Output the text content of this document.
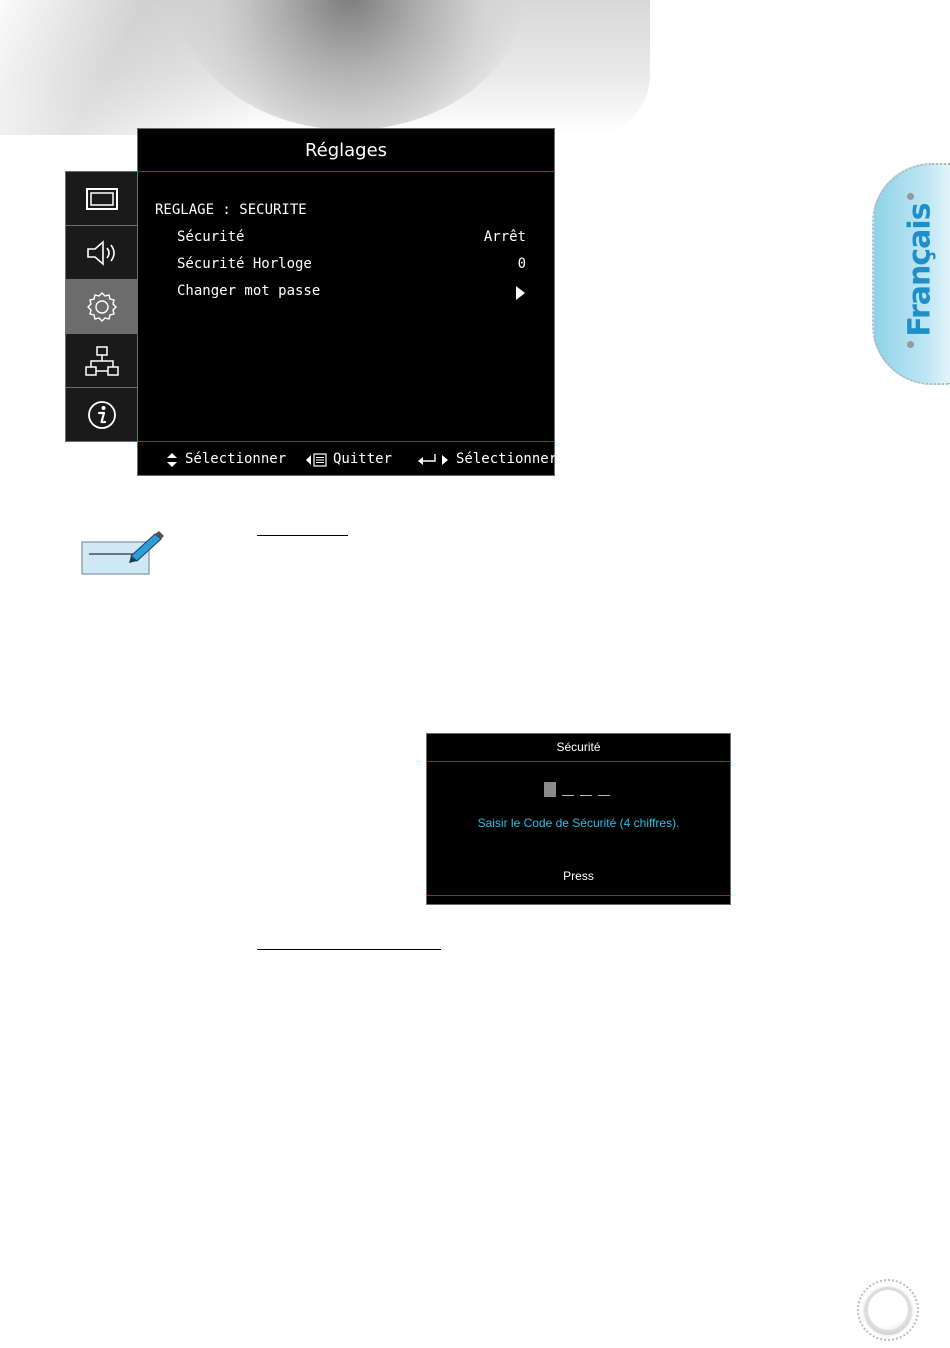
Français
Réglages
REGLAGE : SECURITE
Sécurité	Arrêt
Sécurité Horloge	0
Changer mot passe
Sélectionner	Quitter	Sélectionner
Sécurité
Saisir le Code de Sécurité (4 chiffres).
Press
